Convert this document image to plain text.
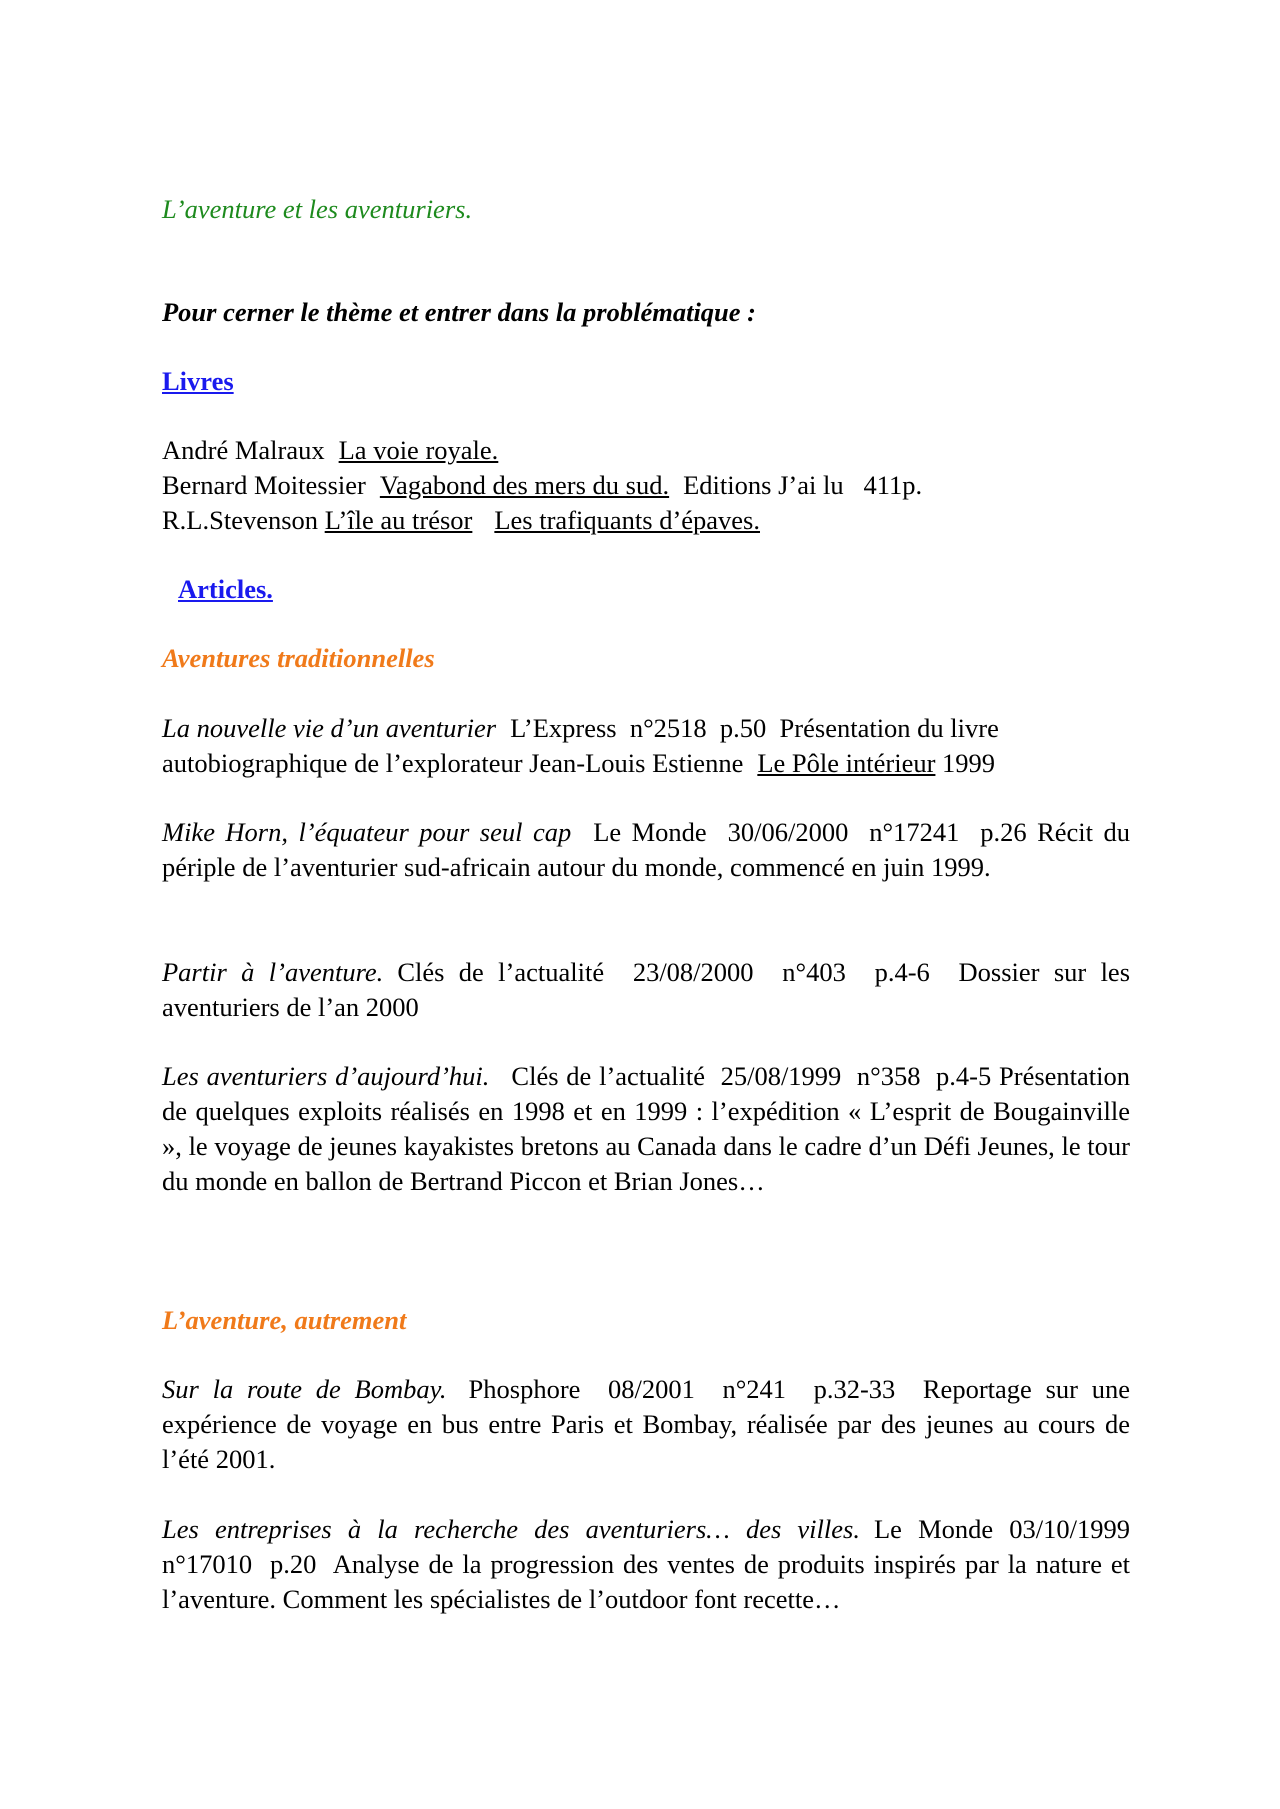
L’aventure et les aventuriers.
Pour cerner le thème et entrer dans la problématique :
Livres
André Malraux La voie royale.
Bernard Moitessier Vagabond des mers du sud. Editions J’ai lu   411p.
R.L.Stevenson L’île au trésor Les trafiquants d’épaves.
Articles.
Aventures traditionnelles
La nouvelle vie d’un aventurier L’Express  n°2518  p.50  Présentation du livre
autobiographique de l’explorateur Jean-Louis Estienne Le Pôle intérieur 1999
Mike Horn, l’équateur pour seul cap Le Monde  30/06/2000  n°17241  p.26 Récit du périple de l’aventurier sud-africain autour du monde, commencé en juin 1999.
Partir à l’aventure. Clés de l’actualité  23/08/2000  n°403  p.4-6  Dossier sur les aventuriers de l’an 2000
Les aventuriers d’aujourd’hui. Clés de l’actualité  25/08/1999  n°358  p.4-5 Présentation de quelques exploits réalisés en 1998 et en 1999 : l’expédition « L’esprit de Bougainville », le voyage de jeunes kayakistes bretons au Canada dans le cadre d’un Défi Jeunes, le tour du monde en ballon de Bertrand Piccon et Brian Jones…
L’aventure, autrement
Sur la route de Bombay. Phosphore  08/2001  n°241  p.32-33  Reportage sur une expérience de voyage en bus entre Paris et Bombay, réalisée par des jeunes au cours de l’été 2001.
Les entreprises à la recherche des aventuriers… des villes. Le Monde 03/10/1999  n°17010  p.20  Analyse de la progression des ventes de produits inspirés par la nature et l’aventure. Comment les spécialistes de l’outdoor font recette…
